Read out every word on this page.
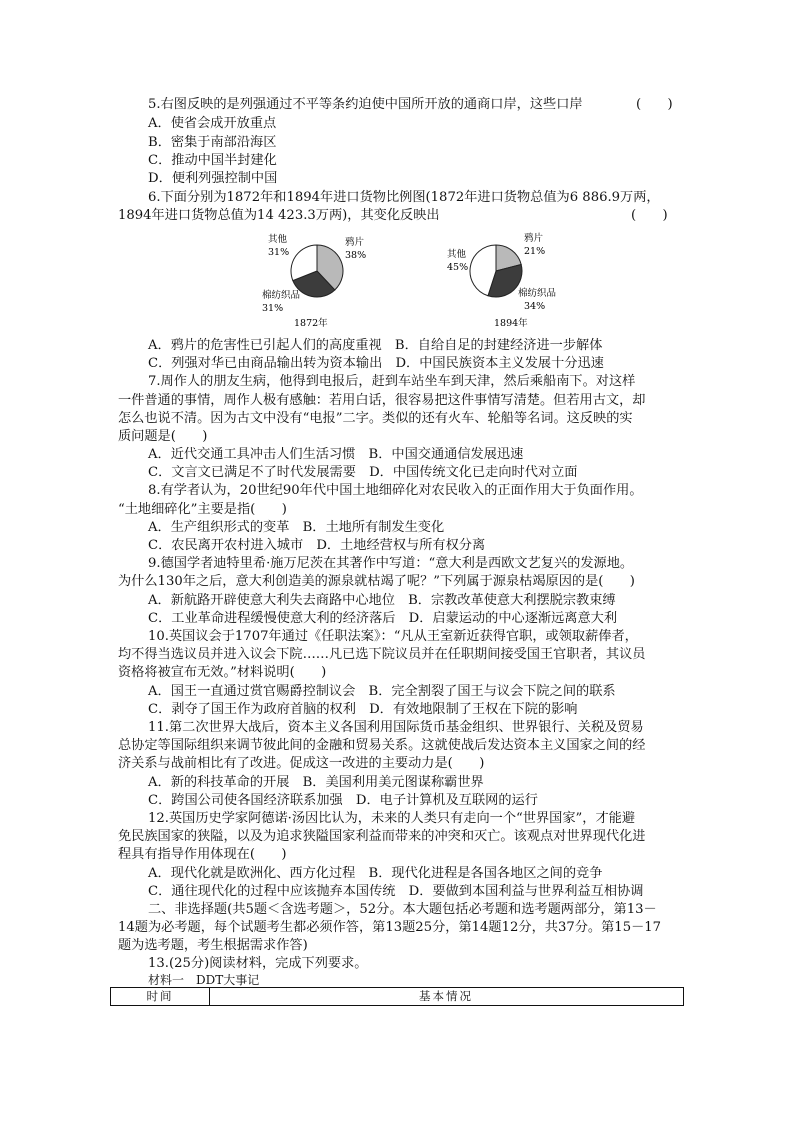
5.右图反映的是列强通过不平等条约迫使中国所开放的通商口岸，这些口岸	(　　)
A．使省会成开放重点
B．密集于南部沿海区
C．推动中国半封建化
D．便利列强控制中国
6.下面分别为1872年和1894年进口货物比例图(1872年进口货物总值为6 886.9万两，
1894年进口货物总值为14 423.3万两)，其变化反映出	(　　)
其他
31%
鸦片
38%
棉纺织品
31%
1872年
其他
45%
鸦片
21%
棉纺织品
34%
1894年
A．鸦片的危害性已引起人们的高度重视　B．自给自足的封建经济进一步解体
C．列强对华已由商品输出转为资本输出　D．中国民族资本主义发展十分迅速
7.周作人的朋友生病，他得到电报后，赶到车站坐车到天津，然后乘船南下。对这样
一件普通的事情，周作人极有感触：若用白话，很容易把这件事情写清楚。但若用古文，却
怎么也说不清。因为古文中没有“电报”二字。类似的还有火车、轮船等名词。这反映的实
质问题是(　　)
A．近代交通工具冲击人们生活习惯　B．中国交通通信发展迅速
C．文言文已满足不了时代发展需要　D．中国传统文化已走向时代对立面
8.有学者认为，20世纪90年代中国土地细碎化对农民收入的正面作用大于负面作用。
“土地细碎化”主要是指(　　)
A．生产组织形式的变革　B．土地所有制发生变化
C．农民离开农村进入城市　D．土地经营权与所有权分离
9.德国学者迪特里希·施万尼茨在其著作中写道：“意大利是西欧文艺复兴的发源地。
为什么130年之后，意大利创造美的源泉就枯竭了呢？”下列属于源泉枯竭原因的是(　　)
A．新航路开辟使意大利失去商路中心地位　B．宗教改革使意大利摆脱宗教束缚
C．工业革命进程缓慢使意大利的经济落后　D．启蒙运动的中心逐渐远离意大利
10.英国议会于1707年通过《任职法案》：“凡从王室新近获得官职，或领取薪俸者，
均不得当选议员并进入议会下院……凡已选下院议员并在任职期间接受国王官职者，其议员
资格将被宣布无效。”材料说明(　　)
A．国王一直通过赏官赐爵控制议会　B．完全割裂了国王与议会下院之间的联系
C．剥夺了国王作为政府首脑的权利　D．有效地限制了王权在下院的影响
11.第二次世界大战后，资本主义各国利用国际货币基金组织、世界银行、关税及贸易
总协定等国际组织来调节彼此间的金融和贸易关系。这就使战后发达资本主义国家之间的经
济关系与战前相比有了改进。促成这一改进的主要动力是(　　)
A．新的科技革命的开展　B．美国利用美元图谋称霸世界
C．跨国公司使各国经济联系加强　D．电子计算机及互联网的运行
12.英国历史学家阿德诺·汤因比认为，未来的人类只有走向一个“世界国家”，才能避
免民族国家的狭隘，以及为追求狭隘国家利益而带来的冲突和灭亡。该观点对世界现代化进
程具有指导作用体现在(　　)
A．现代化就是欧洲化、西方化过程　B．现代化进程是各国各地区之间的竞争
C．通往现代化的过程中应该抛弃本国传统　D．要做到本国利益与世界利益互相协调
二、非选择题(共5题＜含选考题＞，52分。本大题包括必考题和选考题两部分，第13－
14题为必考题，每个试题考生都必须作答，第13题25分，第14题12分，共37分。第15－17
题为选考题，考生根据需求作答)
13.(25分)阅读材料，完成下列要求。
材料一　DDT大事记
时间	基本情况
